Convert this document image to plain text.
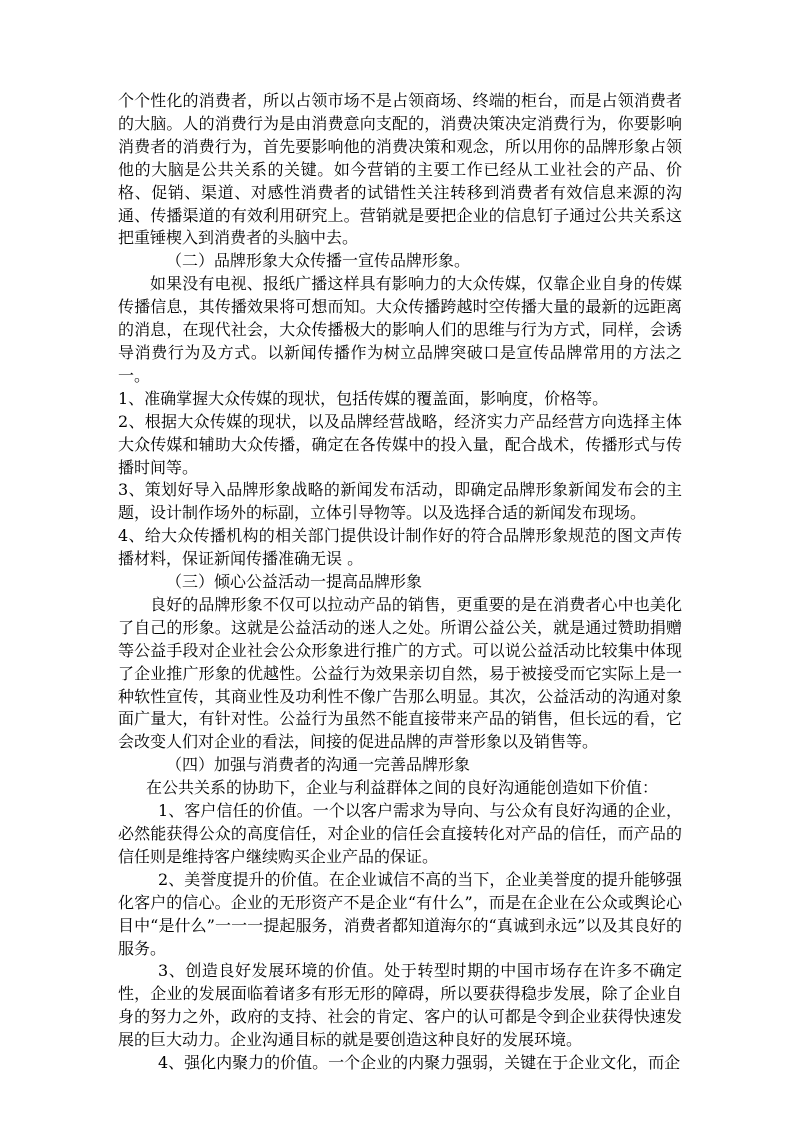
个个性化的消费者，所以占领市场不是占领商场、终端的柜台，而是占领消费者的大脑。人的消费行为是由消费意向支配的，消费决策决定消费行为，你要影响消费者的消费行为，首先要影响他的消费决策和观念，所以用你的品牌形象占领他的大脑是公共关系的关键。如今营销的主要工作已经从工业社会的产品、价格、促销、渠道、对感性消费者的试错性关注转移到消费者有效信息来源的沟通、传播渠道的有效利用研究上。营销就是要把企业的信息钉子通过公共关系这把重锤楔入到消费者的头脑中去。

（二）品牌形象大众传播一宣传品牌形象。

如果没有电视、报纸广播这样具有影响力的大众传媒，仅靠企业自身的传媒传播信息，其传播效果将可想而知。大众传播跨越时空传播大量的最新的远距离的消息，在现代社会，大众传播极大的影响人们的思维与行为方式，同样，会诱导消费行为及方式。以新闻传播作为树立品牌突破口是宣传品牌常用的方法之一。

1、准确掌握大众传媒的现状，包括传媒的覆盖面，影响度，价格等。

2、根据大众传媒的现状，以及品牌经营战略，经济实力产品经营方向选择主体大众传媒和辅助大众传播，确定在各传媒中的投入量，配合战术，传播形式与传播时间等。

3、策划好导入品牌形象战略的新闻发布活动，即确定品牌形象新闻发布会的主题，设计制作场外的标副，立体引导物等。以及选择合适的新闻发布现场。

4、给大众传播机构的相关部门提供设计制作好的符合品牌形象规范的图文声传播材料，保证新闻传播准确无误 。

（三）倾心公益活动一提高品牌形象

良好的品牌形象不仅可以拉动产品的销售，更重要的是在消费者心中也美化了自己的形象。这就是公益活动的迷人之处。所谓公益公关，就是通过赞助捐赠等公益手段对企业社会公众形象进行推广的方式。可以说公益活动比较集中体现了企业推广形象的优越性。公益行为效果亲切自然，易于被接受而它实际上是一种软性宣传，其商业性及功利性不像广告那么明显。其次，公益活动的沟通对象面广量大，有针对性。公益行为虽然不能直接带来产品的销售，但长远的看，它会改变人们对企业的看法，间接的促进品牌的声誉形象以及销售等。

（四）加强与消费者的沟通一完善品牌形象

在公共关系的协助下，企业与利益群体之间的良好沟通能创造如下价值：

1、客户信任的价值。一个以客户需求为导向、与公众有良好沟通的企业，必然能获得公众的高度信任，对企业的信任会直接转化对产品的信任，而产品的信任则是维持客户继续购买企业产品的保证。

2、美誉度提升的价值。在企业诚信不高的当下，企业美誉度的提升能够强化客户的信心。企业的无形资产不是企业“有什么”，而是在企业在公众或舆论心目中“是什么”一一一提起服务，消费者都知道海尔的“真诚到永远”以及其良好的服务。

3、创造良好发展环境的价值。处于转型时期的中国市场存在许多不确定性，企业的发展面临着诸多有形无形的障碍，所以要获得稳步发展，除了企业自身的努力之外，政府的支持、社会的肯定、客户的认可都是令到企业获得快速发展的巨大动力。企业沟通目标的就是要创造这种良好的发展环境。

4、强化内聚力的价值。一个企业的内聚力强弱，关键在于企业文化，而企
